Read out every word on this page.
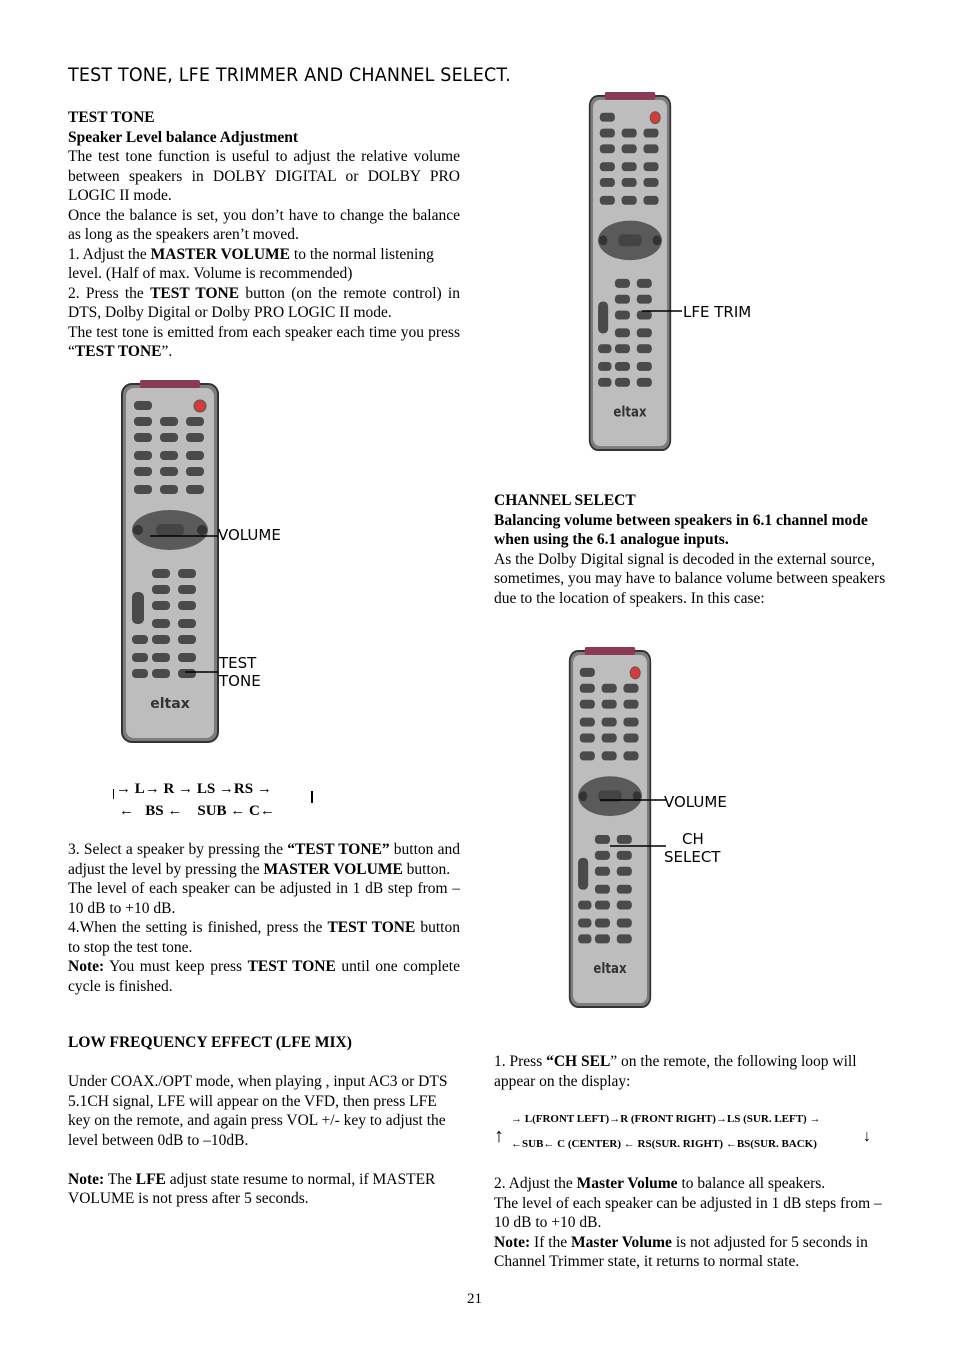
TEST TONE, LFE TRIMMER AND CHANNEL SELECT.

TEST TONE

Speaker Level balance Adjustment

The test tone function is useful to adjust the relative volume between speakers in DOLBY DIGITAL or DOLBY PRO LOGIC II mode.

Once the balance is set, you don’t have to change the balance as long as the speakers aren’t moved.

1. Adjust the MASTER VOLUME to the normal listening level. (Half of max. Volume is recommended)

2. Press the TEST TONE button (on the remote control) in DTS, Dolby Digital or Dolby PRO LOGIC II mode.

The test tone is emitted from each speaker each time you press “TEST TONE”.

eltax
VOLUME
TEST
TONE
→ L→ R → LS →RS →
←   BS ←    SUB ← C←

3. Select a speaker by pressing the “TEST TONE” button and adjust the level by pressing the MASTER VOLUME button.

The level of each speaker can be adjusted in 1 dB step from –10 dB to +10 dB.

4.When the setting is finished, press the TEST TONE button to stop the test tone.

Note: You must keep press TEST TONE until one complete cycle is finished.

LOW FREQUENCY EFFECT (LFE MIX)

Under COAX./OPT mode, when playing , input AC3 or DTS 5.1CH signal, LFE will appear on the VFD, then press LFE key on the remote, and again press VOL +/- key to adjust the level between 0dB to –10dB.

Note: The LFE adjust state resume to normal, if MASTER VOLUME is not press after 5 seconds.

eltax
LFE TRIM

CHANNEL SELECT

Balancing volume between speakers in 6.1 channel mode when using the 6.1 analogue inputs.

As the Dolby Digital signal is decoded in the external source, sometimes, you may have to balance volume between speakers due to the location of speakers. In this case:

eltax
VOLUME
CH
SELECT

1. Press “CH SEL” on the remote, the following loop will appear on the display:

→ L(FRONT LEFT)→R (FRONT RIGHT)→LS (SUR. LEFT) →
←SUB← C (CENTER) ← RS(SUR. RIGHT) ←BS(SUR. BACK)
↑	↓

2. Adjust the Master Volume to balance all speakers.

The level of each speaker can be adjusted in 1 dB steps from –10 dB to +10 dB.

Note: If the Master Volume is not adjusted for 5 seconds in Channel Trimmer state, it returns to normal state.

21
